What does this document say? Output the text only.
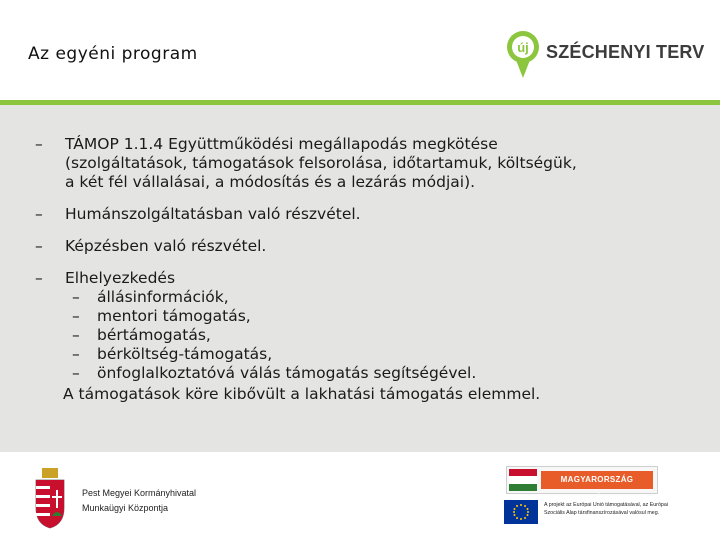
Az egyéni program	új SZÉCHENYI TERV
– TÁMOP 1.1.4 Együttműködési megállapodás megkötése
(szolgáltatások, támogatások felsorolása, időtartamuk, költségük,
a két fél vállalásai, a módosítás és a lezárás módjai).
– Humánszolgáltatásban való részvétel.
– Képzésben való részvétel.
– Elhelyezkedés
– állásinformációk,
– mentori támogatás,
– bértámogatás,
– bérköltség-támogatás,
– önfoglalkoztatóvá válás támogatás segítségével.
A támogatások köre kibővült a lakhatási támogatás elemmel.
Pest Megyei Kormányhivatal
Munkaügyi Központja
MAGYARORSZÁG MEGÚJUL
A projekt az Európai Unió támogatásával, az Európai
Szociális Alap társfinanszírozásával valósul meg.
